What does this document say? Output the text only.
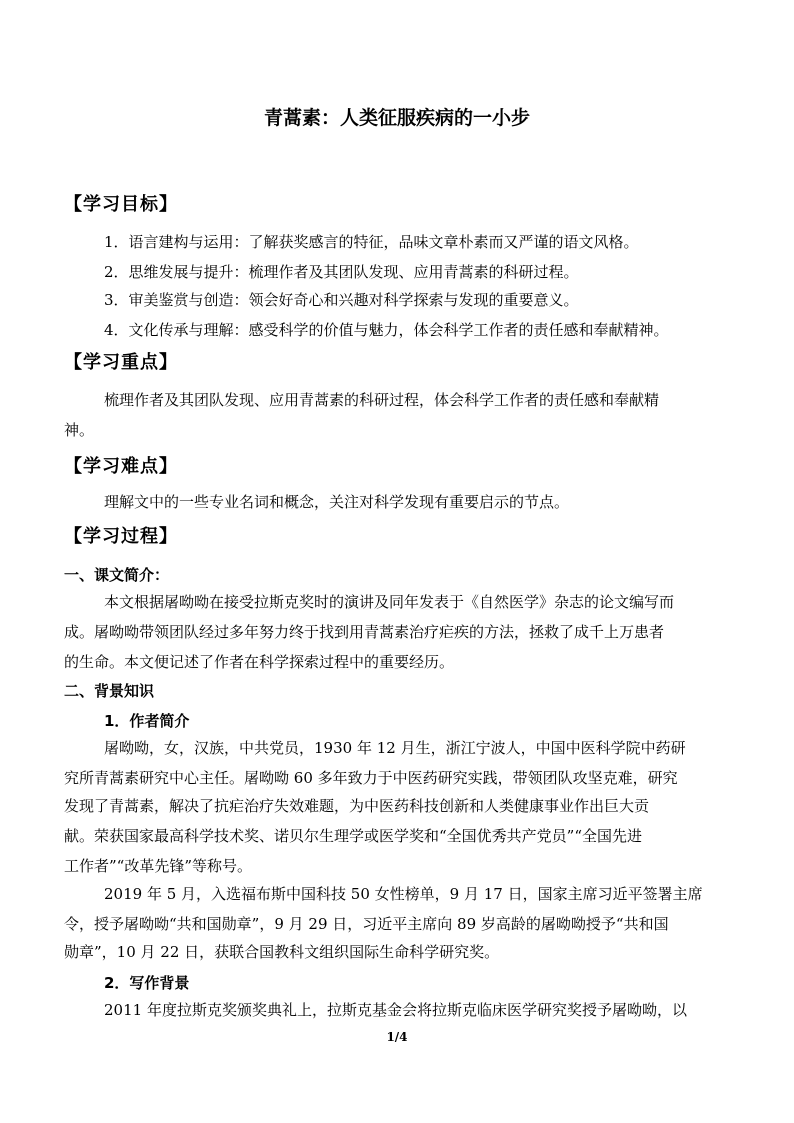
青蒿素：人类征服疾病的一小步
【学习目标】
1．语言建构与运用：了解获奖感言的特征，品味文章朴素而又严谨的语文风格。
2．思维发展与提升：梳理作者及其团队发现、应用青蒿素的科研过程。
3．审美鉴赏与创造：领会好奇心和兴趣对科学探索与发现的重要意义。
4．文化传承与理解：感受科学的价值与魅力，体会科学工作者的责任感和奉献精神。
【学习重点】
梳理作者及其团队发现、应用青蒿素的科研过程，体会科学工作者的责任感和奉献精
神。
【学习难点】
理解文中的一些专业名词和概念，关注对科学发现有重要启示的节点。
【学习过程】
一、课文简介：
本文根据屠呦呦在接受拉斯克奖时的演讲及同年发表于《自然医学》杂志的论文编写而
成。屠呦呦带领团队经过多年努力终于找到用青蒿素治疗疟疾的方法，拯救了成千上万患者
的生命。本文便记述了作者在科学探索过程中的重要经历。
二、背景知识
1．作者简介
屠呦呦，女，汉族，中共党员，1930 年 12 月生，浙江宁波人，中国中医科学院中药研
究所青蒿素研究中心主任。屠呦呦 60 多年致力于中医药研究实践，带领团队攻坚克难，研究
发现了青蒿素，解决了抗疟治疗失效难题，为中医药科技创新和人类健康事业作出巨大贡
献。荣获国家最高科学技术奖、诺贝尔生理学或医学奖和“全国优秀共产党员”“全国先进
工作者”“改革先锋”等称号。
2019 年 5 月，入选福布斯中国科技 50 女性榜单，9 月 17 日，国家主席习近平签署主席
令，授予屠呦呦“共和国勋章”，9 月 29 日，习近平主席向 89 岁高龄的屠呦呦授予“共和国
勋章”，10 月 22 日，获联合国教科文组织国际生命科学研究奖。
2．写作背景
2011 年度拉斯克奖颁奖典礼上，拉斯克基金会将拉斯克临床医学研究奖授予屠呦呦，以
1/4
